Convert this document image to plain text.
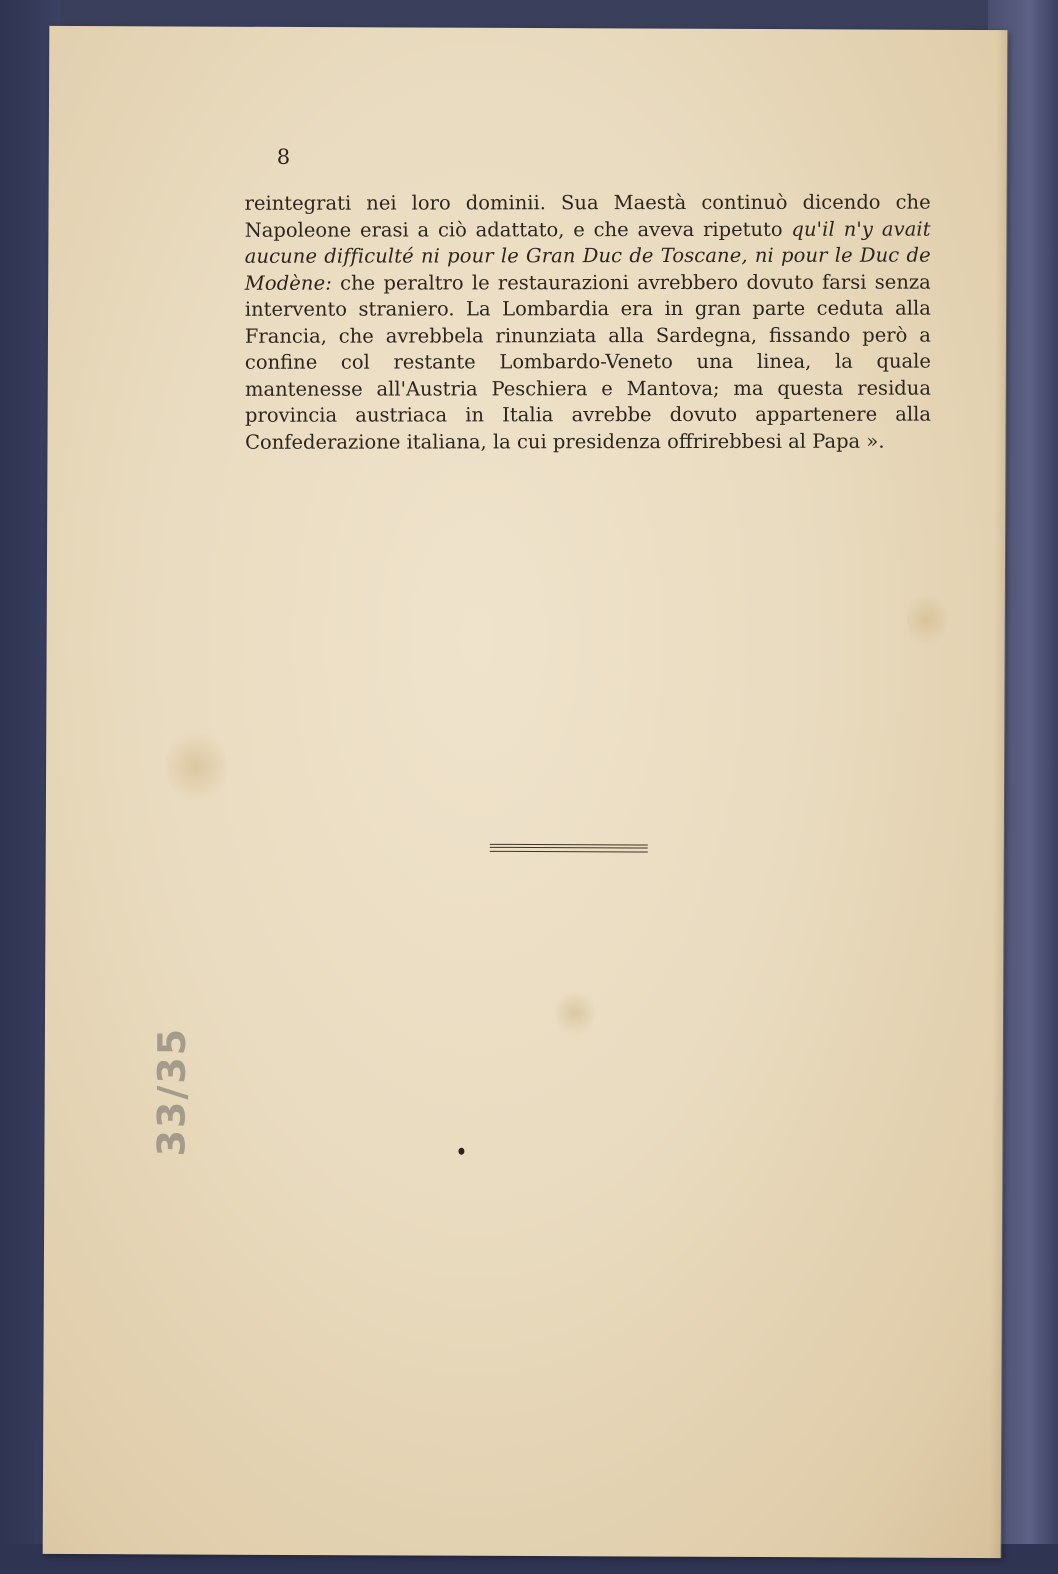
8

reintegrati nei loro dominii. Sua Maestà continuò dicendo che Napoleone erasi a ciò adattato, e che aveva ripetuto qu'il n'y avait aucune difficulté ni pour le Gran Duc de Toscane, ni pour le Duc de Modène: che peraltro le restaurazioni avrebbero dovuto farsi senza intervento straniero. La Lombardia era in gran parte ceduta alla Francia, che avrebbela rinunziata alla Sardegna, fissando però a confine col restante Lombardo-Veneto una linea, la quale mantenesse all'Austria Peschiera e Mantova; ma questa residua provincia austriaca in Italia avrebbe dovuto appartenere alla Confederazione italiana, la cui presidenza offrirebbesi al Papa ».

33/35
